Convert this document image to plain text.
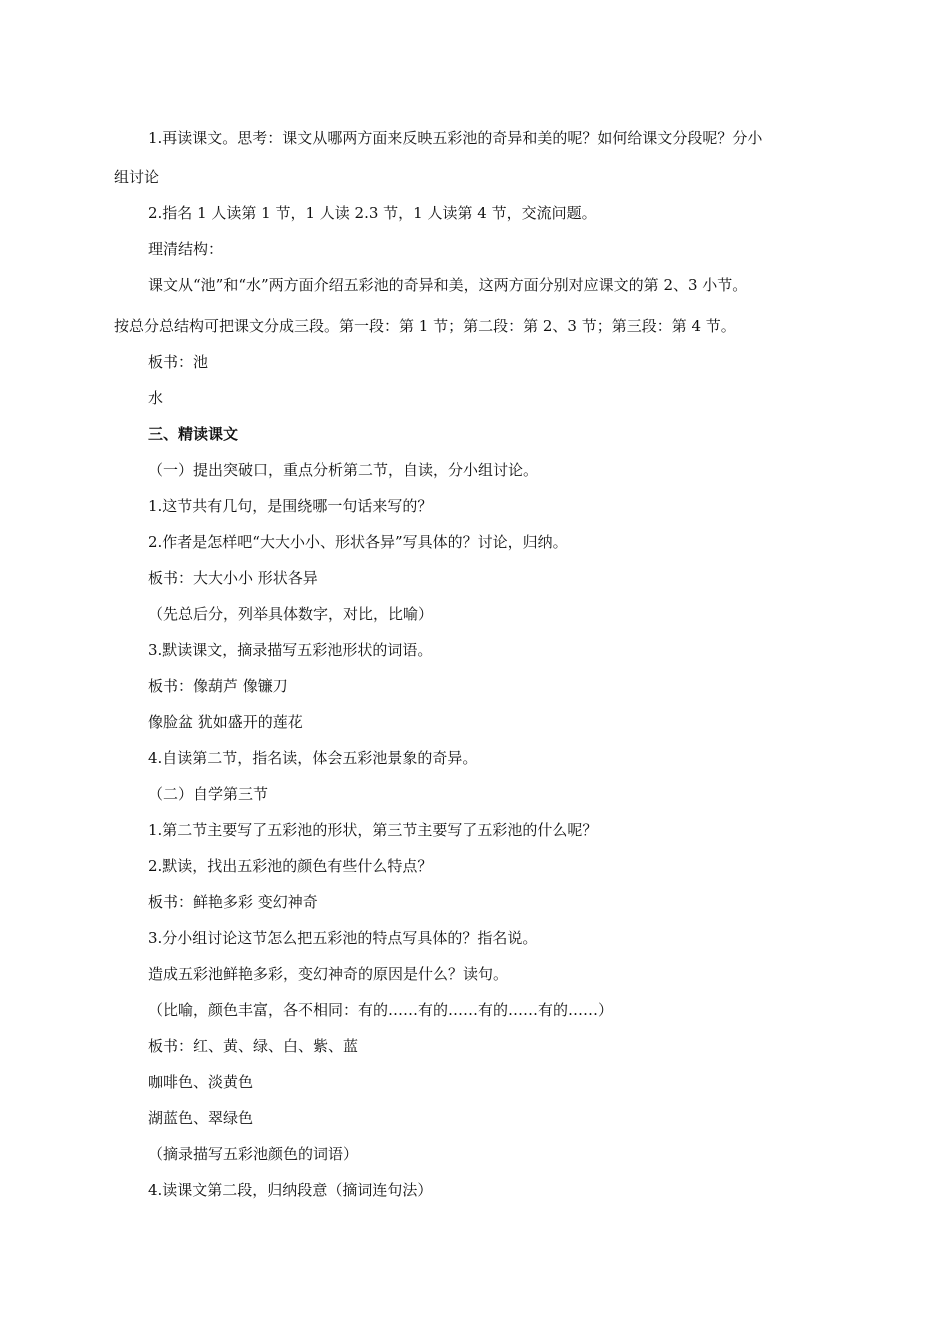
1.再读课文。思考：课文从哪两方面来反映五彩池的奇异和美的呢？如何给课文分段呢？分小
组讨论
2.指名 1 人读第 1 节，1 人读 2.3 节，1 人读第 4 节，交流问题。
理清结构：
课文从“池”和“水”两方面介绍五彩池的奇异和美，这两方面分别对应课文的第 2、3 小节。
按总分总结构可把课文分成三段。第一段：第 1 节；第二段：第 2、3 节；第三段：第 4 节。
板书：池
水
三、精读课文
（一）提出突破口，重点分析第二节，自读，分小组讨论。
1.这节共有几句，是围绕哪一句话来写的？
2.作者是怎样吧“大大小小、形状各异”写具体的？讨论，归纳。
板书：大大小小 形状各异
（先总后分，列举具体数字，对比，比喻）
3.默读课文，摘录描写五彩池形状的词语。
板书：像葫芦 像镰刀
像脸盆 犹如盛开的莲花
4.自读第二节，指名读，体会五彩池景象的奇异。
（二）自学第三节
1.第二节主要写了五彩池的形状，第三节主要写了五彩池的什么呢？
2.默读，找出五彩池的颜色有些什么特点？
板书：鲜艳多彩 变幻神奇
3.分小组讨论这节怎么把五彩池的特点写具体的？指名说。
造成五彩池鲜艳多彩，变幻神奇的原因是什么？读句。
（比喻，颜色丰富，各不相同：有的……有的……有的……有的……）
板书：红、黄、绿、白、紫、蓝
咖啡色、淡黄色
湖蓝色、翠绿色
（摘录描写五彩池颜色的词语）
4.读课文第二段，归纳段意（摘词连句法）
